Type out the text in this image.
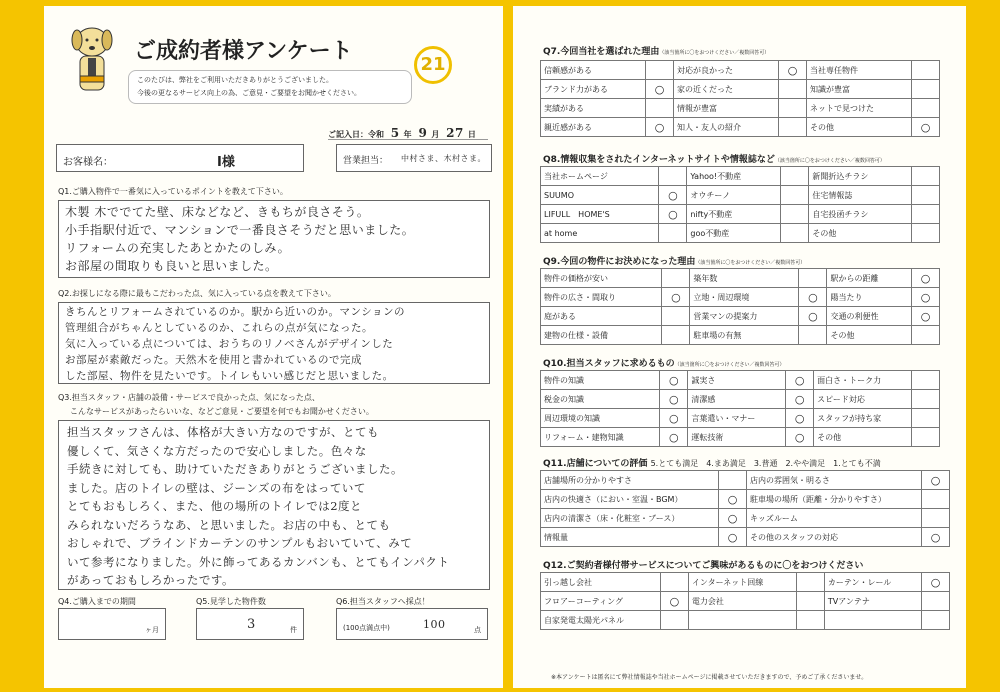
ご成約者様アンケート
21
このたびは、弊社をご利用いただきありがとうございました。
今後の更なるサービス向上の為、ご意見・ご要望をお聞かせください。
ご記入日：令和 5 年 9 月 27 日
お客様名：	I様	営業担当： 中村さま、木村さま。
Q1.ご購入物件で一番気に入っているポイントを教えて下さい。
木製 木ででてた壁、床などなど、きもちが良さそう。
小手指駅付近で、マンションで一番良さそうだと思いました。
リフォームの充実したあとかたのしみ。
お部屋の間取りも良いと思いました。
Q2.お探しになる際に最もこだわった点、気に入っている点を教えて下さい。
きちんとリフォームされているのか。駅から近いのか。マンションの
管理組合がちゃんとしているのか、これらの点が気になった。
気に入っている点については、おうちのリノベさんがデザインした
お部屋が素敵だった。天然木を使用と書かれているので完成
した部屋、物件を見たいです。トイレもいい感じだと思いました。
Q3.担当スタッフ・店舗の設備・サービスで良かった点、気になった点、
こんなサービスがあったらいいな、などご意見・ご要望を何でもお聞かせください。
担当スタッフさんは、体格が大きい方なのですが、とても
優しくて、気さくな方だったので安心しました。色々な
手続きに対しても、助けていただきありがとうございました。
ました。店のトイレの壁は、ジーンズの布をはっていて
とてもおもしろく、また、他の場所のトイレでは2度と
みられないだろうなあ、と思いました。お店の中も、とても
おしゃれで、ブラインドカーテンのサンプルもおいていて、みて
いて参考になりました。外に飾ってあるカンバンも、とてもインパクト
があっておもしろかったです。
Q4.ご購入までの期間
ヶ月
Q5.見学した物件数
3	件
Q6.担当スタッフへ採点！
(100点満点中)	100	点
Q7.今回当社を選ばれた理由（該当箇所に〇をおつけください／複数回答可）
信頼感がある		対応が良かった	○	当社専任物件	
ブランド力がある	○	家の近くだった		知識が豊富	
実績がある		情報が豊富		ネットで見つけた	
親近感がある	○	知人・友人の紹介		その他	○
Q8.情報収集をされたインターネットサイトや情報誌など（該当箇所に〇をおつけください／複数回答可）
当社ホームページ		Yahoo!不動産		新聞折込チラシ	
SUUMO	○	オウチーノ		住宅情報誌	
LIFULL　HOME'S	○	nifty不動産		自宅投函チラシ	
at home		goo不動産		その他	
Q9.今回の物件にお決めになった理由（該当箇所に〇をおつけください／複数回答可）
物件の価格が安い		築年数		駅からの距離	○
物件の広さ・間取り	○	立地・周辺環境	○	陽当たり	○
庭がある		営業マンの提案力	○	交通の利便性	○
建物の仕様・設備		駐車場の有無		その他	
Q10.担当スタッフに求めるもの（該当箇所に〇をおつけください／複数回答可）
物件の知識	○	誠実さ	○	面白さ・トーク力	
税金の知識	○	清潔感	○	スピード対応	
周辺環境の知識	○	言葉遣い・マナー	○	スタッフが持ち家	
リフォーム・建物知識	○	運転技術	○	その他	
Q11.店舗についての評価 5.とても満足　4.まあ満足　3.普通　2.やや満足　1.とても不満
店舗場所の分かりやすさ		店内の雰囲気・明るさ	○
店内の快適さ（におい・室温・BGM）	○	駐車場の場所（距離・分かりやすさ）	
店内の清潔さ（床・化粧室・ブース）	○	キッズルーム	
情報量	○	その他のスタッフの対応	○
Q12.ご契約者様付帯サービスについてご興味があるものに〇をおつけください
引っ越し会社		インターネット回線		カーテン・レール	○
フロアーコーティング	○	電力会社		TVアンテナ	
自家発電太陽光パネル					
※本アンケートは匿名にて弊社情報誌や当社ホームページに掲載させていただきますので、予めご了承くださいませ。
